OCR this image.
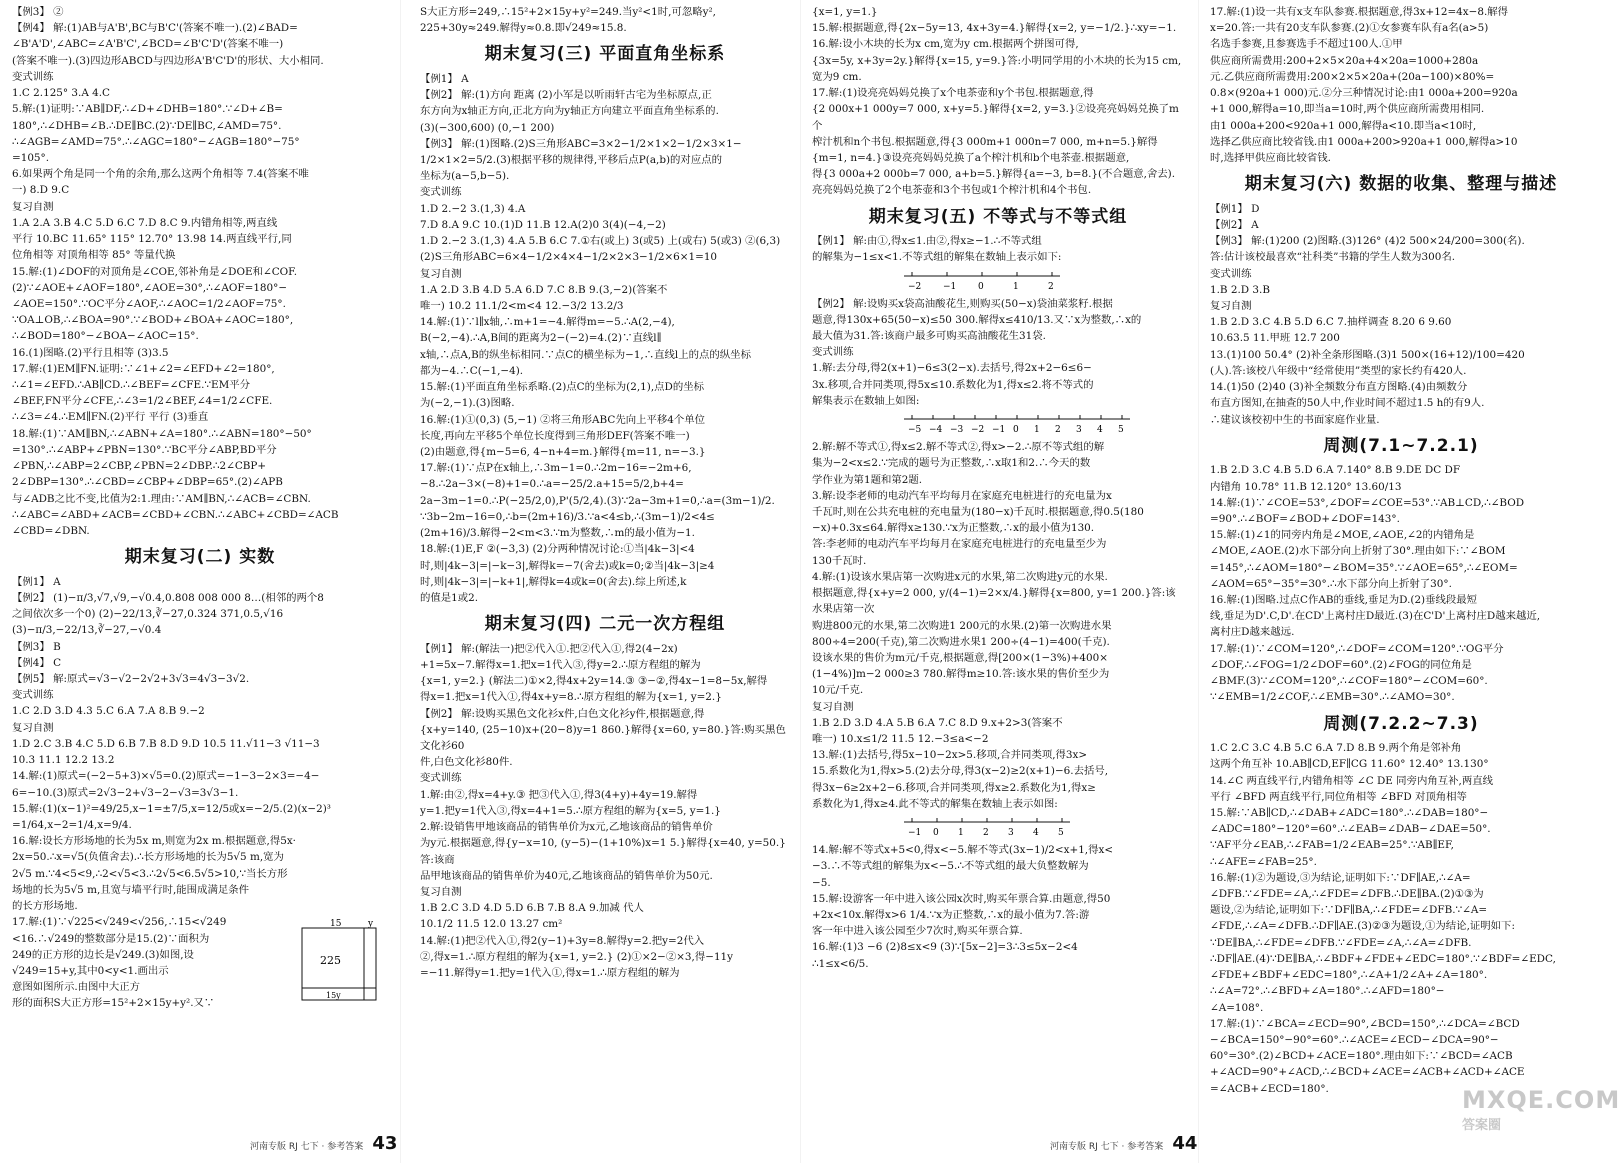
【例3】 ②
【例4】 解:(1)AB与A'B',BC与B'C'(答案不唯一).(2)∠BAD=
∠B'A'D',∠ABC=∠A'B'C',∠BCD=∠B'C'D'(答案不唯一)
(答案不唯一).(3)四边形ABCD与四边形A'B'C'D'的形状、大小相同.
变式训练
1.C 2.125° 3.A 4.C
5.解:(1)证明:∵AB∥DF,∴∠D+∠DHB=180°.∵∠D+∠B=
180°,∴∠DHB=∠B.∴DE∥BC.(2)∵DE∥BC,∠AMD=75°.
∴∠AGB=∠AMD=75°.∴∠AGC=180°−∠AGB=180°−75°
=105°.
6.如果两个角是同一个角的余角,那么这两个角相等 7.4(答案不唯
一) 8.D 9.C
复习自测
1.A 2.A 3.B 4.C 5.D 6.C 7.D 8.C 9.内错角相等,两直线
平行 10.BC 11.65° 115° 12.70° 13.98 14.两直线平行,同
位角相等 对顶角相等 85° 等量代换
15.解:(1)∠DOF的对顶角是∠COE,邻补角是∠DOE和∠COF.
(2)∵∠AOE+∠AOF=180°,∠AOE=30°,∴∠AOF=180°−
∠AOE=150°.∵OC平分∠AOF,∴∠AOC=1/2∠AOF=75°.
∵OA⊥OB,∴∠BOA=90°.∵∠BOD+∠BOA+∠AOC=180°,
∴∠BOD=180°−∠BOA−∠AOC=15°.
16.(1)图略.(2)平行且相等 (3)3.5
17.解:(1)EM∥FN.证明:∵∠1+∠2=∠EFD+∠2=180°,
∴∠1=∠EFD.∴AB∥CD.∴∠BEF=∠CFE.∵EM平分
∠BEF,FN平分∠CFE,∴∠3=1/2∠BEF,∠4=1/2∠CFE.
∴∠3=∠4.∴EM∥FN.(2)平行 平行 (3)垂直
18.解:(1)∵AM∥BN,∴∠ABN+∠A=180°.∴∠ABN=180°−50°
=130°.∴∠ABP+∠PBN=130°.∵BC平分∠ABP,BD平分
∠PBN,∴∠ABP=2∠CBP,∠PBN=2∠DBP.∴2∠CBP+
2∠DBP=130°.∴∠CBD=∠CBP+∠DBP=65°.(2)∠APB
与∠ADB之比不变,比值为2:1.理由:∵AM∥BN,∴∠ACB=∠CBN.
∴∠ABC=∠ABD+∠ACB=∠CBD+∠CBN.∴∠ABC+∠CBD=∠ACB
∠CBD=∠DBN.
期末复习(二) 实数
【例1】 A
【例2】 (1)−π/3,√7,√9,−√0.4,0.808 008 000 8…(相邻的两个8
之间依次多一个0) (2)−22/13,∛−27,0.324 371,0.5,√16
(3)−π/3,−22/13,∛−27,−√0.4
【例3】 B
【例4】 C
【例5】 解:原式=√3−√2−2√2+3√3=4√3−3√2.
变式训练
1.C 2.D 3.D 4.3 5.C 6.A 7.A 8.B 9.−2
复习自测
1.D 2.C 3.B 4.C 5.D 6.B 7.B 8.D 9.D 10.5 11.√11−3 √11−3
10.3 11.1 12.2 13.2
14.解:(1)原式=(−2−5+3)×√5=0.(2)原式=−1−3−2×3=−4−
6=−10.(3)原式=2√3−2+√3−2−√3=3√3−1.
15.解:(1)(x−1)²=49/25,x−1=±7/5,x=12/5或x=−2/5.(2)(x−2)³
=1/64,x−2=1/4,x=9/4.
16.解:设长方形场地的长为5x m,则宽为2x m.根据题意,得5x·
2x=50.∴x=√5(负值舍去).∴长方形场地的长为5√5 m,宽为
2√5 m.∵4<5<9,∴2<√5<3.∴2√5<6.5√5>10,∵当长方形
场地的长为5√5 m,且宽与墙平行时,能围成满足条件
的长方形场地.
15
225
y
15y
17.解:(1)∵√225<√249<√256,∴15<√249
<16.∴√249的整数部分是15.(2)∵面积为
249的正方形的边长是√249.(3)如图,设
√249=15+y,其中0<y<1.画出示
意图如图所示.由图中大正方
形的面积S大正方形=15²+2×15y+y².又∵
S大正方形=249,∴15²+2×15y+y²=249.当y²<1时,可忽略y²,
225+30y≈249.解得y≈0.8.即√249≈15.8.
期末复习(三) 平面直角坐标系
【例1】 A
【例2】 解:(1)方向 距离 (2)小军是以听雨轩古宅为坐标原点,正
东方向为x轴正方向,正北方向为y轴正方向建立平面直角坐标系的.
(3)(−300,600) (0,−1 200)
【例3】 解:(1)图略.(2)S三角形ABC=3×2−1/2×1×2−1/2×3×1−
1/2×1×2=5/2.(3)根据平移的规律得,平移后点P(a,b)的对应点的
坐标为(a−5,b−5).
变式训练
1.D 2.−2 3.(1,3) 4.A
7.D 8.A 9.C 10.(1)D 11.B 12.A(2)0 3(4)(−4,−2)
1.D 2.−2 3.(1,3) 4.A 5.B 6.C 7.①右(或上) 3(或5) 上(或右) 5(或3) ②(6,3)
(2)S三角形ABC=6×4−1/2×4×4−1/2×2×3−1/2×6×1=10
复习自测
1.A 2.D 3.B 4.D 5.A 6.D 7.C 8.B 9.(3,−2)(答案不
唯一) 10.2 11.1/2<m<4 12.−3/2 13.2/3
14.解:(1)∵l∥x轴,∴m+1=−4.解得m=−5.∴A(2,−4),
B(−2,−4).∴A,B间的距离为2−(−2)=4.(2)∵直线l∥
x轴,∴点A,B的纵坐标相同.∵点C的横坐标为−1,∴直线l上的点的纵坐标
都为−4.∴C(−1,−4).
15.解:(1)平面直角坐标系略.(2)点C的坐标为(2,1),点D的坐标
为(−2,−1).(3)图略.
16.解:(1)①(0,3) (5,−1) ②将三角形ABC先向上平移4个单位
长度,再向左平移5个单位长度得到三角形DEF(答案不唯一)
(2)由题意,得{m−5=6, 4−n+4=m.}解得{m=11, n=−3.}
17.解:(1)∵点P在x轴上,∴3m−1=0.∴2m−16=−2m+6,
−8.∴2a−3×(−8)+1=0.∴a=−25/2.a+15=5/2,b+4=
2a−3m−1=0.∴P(−25/2,0),P'(5/2,4).(3)∵2a−3m+1=0,∴a=(3m−1)/2.
∵3b−2m−16=0,∴b=(2m+16)/3.∵a<4≤b,∴(3m−1)/2<4≤
(2m+16)/3.解得−2<m<3.∵m为整数,∴m的最小值为−1.
18.解:(1)E,F ②(−3,3) (2)分两种情况讨论:①当|4k−3|<4
时,则|4k−3|=|−k−3|,解得k=−7(舍去)或k=0;②当|4k−3|≥4
时,则|4k−3|=|−k+1|,解得k=4或k=0(舍去).综上所述,k
的值是1或2.
期末复习(四) 二元一次方程组
【例1】 解:(解法一)把②代入①.把②代入①,得2(4−2x)
+1=5x−7.解得x=1.把x=1代入③,得y=2.∴原方程组的解为
{x=1, y=2.} (解法二)①×2,得4x+2y=14.③ ③−②,得4x−1=8−5x,解得
得x=1.把x=1代入①,得4x+y=8.∴原方程组的解为{x=1, y=2.}
【例2】 解:设购买黑色文化衫x件,白色文化衫y件,根据题意,得
{x+y=140, (25−10)x+(20−8)y=1 860.}解得{x=60, y=80.}答:购买黑色文化衫60
件,白色文化衫80件.
变式训练
1.解:由②,得x=4+y.③ 把③代入①,得3(4+y)+4y=19.解得
y=1.把y=1代入③,得x=4+1=5.∴原方程组的解为{x=5, y=1.}
2.解:设销售甲地该商品的销售单价为x元,乙地该商品的销售单价
为y元.根据题意,得{y−x=10, (y−5)−(1+10%)x=1 5.}解得{x=40, y=50.}答:该商
品甲地该商品的销售单价为40元,乙地该商品的销售单价为50元.
复习自测
1.B 2.C 3.D 4.D 5.D 6.B 7.B 8.A 9.加减 代人
10.1/2 11.5 12.0 13.27 cm²
14.解:(1)把②代入①,得2(y−1)+3y=8.解得y=2.把y=2代入
②,得x=1.∴原方程组的解为{x=1, y=2.} (2)①×2−②×3,得−11y
=−11.解得y=1.把y=1代入①,得x=1.∴原方程组的解为
{x=1, y=1.}
15.解:根据题意,得{2x−5y=13, 4x+3y=4.}解得{x=2, y=−1/2.}∴xy=−1.
16.解:设小木块的长为x cm,宽为y cm.根据两个拼图可得,
{3x=5y, x+3y=2y.}解得{x=15, y=9.}答:小明同学用的小木块的长为15 cm,
宽为9 cm.
17.解:(1)设亮亮妈妈兑换了x个电茶壶和y个书包.根据题意,得
{2 000x+1 000y=7 000, x+y=5.}解得{x=2, y=3.}②设亮亮妈妈兑换了m个
榨汁机和n个书包.根据题意,得{3 000m+1 000n=7 000, m+n=5.}解得
{m=1, n=4.}③设亮亮妈妈兑换了a个榨汁机和b个电茶壶.根据题意,
得{3 000a+2 000b=7 000, a+b=5.}解得{a=−3, b=8.}(不合题意,舍去).
亮亮妈妈兑换了2个电茶壶和3个书包或1个榨汁机和4个书包.
期末复习(五) 不等式与不等式组
【例1】 解:由①,得x≤1.由②,得x≥−1.∴不等式组
的解集为−1≤x<1.不等式组的解集在数轴上表示如下:
−2 −1 0	1	2
【例2】 解:设购买x袋高油酸花生,则购买(50−x)袋油菜浆籽.根据
题意,得130x+65(50−x)≤50 300.解得x≤410/13.又∵x为整数,∴x的
最大值为31.答:该商户最多可购买高油酸花生31袋.
变式训练
1.解:去分母,得2(x+1)−6≤3(2−x).去括号,得2x+2−6≤6−
3x.移项,合并同类项,得5x≤10.系数化为1,得x≤2.将不等式的
解集表示在数轴上如图:
−5 −4 −3 −2 −1 0 1 2 3 4 5
2.解:解不等式①,得x≤2.解不等式②,得x>−2.∴原不等式组的解
集为−2<x≤2.∵完成的题号为正整数,∴x取1和2.∴今天的数
学作业为第1题和第2题.
3.解:设李老师的电动汽车平均每月在家庭充电桩进行的充电量为x
千瓦时,则在公共充电桩的充电量为(180−x)千瓦时.根据题意,得0.5(180
−x)+0.3x≤64.解得x≥130.∵x为正整数,∴x的最小值为130.
答:李老师的电动汽车平均每月在家庭充电桩进行的充电量至少为
130千瓦时.
4.解:(1)设该水果店第一次购进x元的水果,第二次购进y元的水果.
根据题意,得{x+y=2 000, y/(4−1)=2×x/4.}解得{x=800, y=1 200.}答:该水果店第一次
购进800元的水果,第二次购进1 200元的水果.(2)第一次购进水果
800÷4=200(千克),第二次购进水果1 200÷(4−1)=400(千克).
设该水果的售价为m元/千克,根据题意,得[200×(1−3%)+400×
(1−4%)]m−2 000≥3 780.解得m≥10.答:该水果的售价至少为
10元/千克.
复习自测
1.B 2.D 3.D 4.A 5.B 6.A 7.C 8.D 9.x+2>3(答案不
唯一) 10.x≤1/2 11.5 12.−3≤a<−2
13.解:(1)去括号,得5x−10−2x>5.移项,合并同类项,得3x>
15.系数化为1,得x>5.(2)去分母,得3(x−2)≥2(x+1)−6.去括号,
得3x−6≥2x+2−6.移项,合并同类项,得x≥2.系数化为1,得x≥
系数化为1,得x≥4.此不等式的解集在数轴上表示如图:
−1 0 1 2 3 4 5
14.解:解不等式x+5<0,得x<−5.解不等式(3x−1)/2<x+1,得x<
−3.∴不等式组的解集为x<−5.∴不等式组的最大负整数解为
−5.
15.解:设游客一年中进入该公园x次时,购买年票合算.由题意,得50
+2x<10x.解得x>6 1/4.∵x为正整数,∴x的最小值为7.答:游
客一年中进入该公园至少7次时,购买年票合算.
16.解:(1)3 −6 (2)8≤x<9 (3)∵[5x−2]=3∴3≤5x−2<4
∴1≤x<6/5.
17.解:(1)设一共有x支车队参赛.根据题意,得3x+12=4x−8.解得
x=20.答:一共有20支车队参赛.(2)①女参赛车队有a名(a>5)
名选手参赛,且参赛选手不超过100人.①甲
供应商所需费用:200+2×5×20a+4×20a=1000+280a
元.乙供应商所需费用:200×2×5×20a+(20a−100)×80%=
0.8×(920a+1 000)元.②分三种情况讨论:由1 000a+200=920a
+1 000,解得a=10,即当a=10时,两个供应商所需费用相同.
由1 000a+200<920a+1 000,解得a<10.即当a<10时,
选择乙供应商比较省钱.由1 000a+200>920a+1 000,解得a>10
时,选择甲供应商比较省钱.
期末复习(六) 数据的收集、整理与描述
【例1】 D
【例2】 A
【例3】 解:(1)200 (2)图略.(3)126° (4)2 500×24/200=300(名).
答:估计该校最喜欢“社科类”书籍的学生人数为300名.
变式训练
1.B 2.D 3.B
复习自测
1.B 2.D 3.C 4.B 5.D 6.C 7.抽样调查 8.20 6 9.60
10.63.5 11.甲班 12.7 200
13.(1)100 50.4° (2)补全条形图略.(3)1 500×(16+12)/100=420
(人).答:该校八年级中“经常使用”类型的家长约有420人.
14.(1)50 (2)40 (3)补全频数分布直方图略.(4)由频数分
布直方图知,在抽查的50人中,作业时间不超过1.5 h的有9人.
∴建议该校初中生的书面家庭作业量.
周测(7.1~7.2.1)
1.B 2.D 3.C 4.B 5.D 6.A 7.140° 8.B 9.DE DC DF
内错角 10.78° 11.B 12.120° 13.60/13
14.解:(1)∵∠COE=53°,∠DOF=∠COE=53°.∵AB⊥CD,∴∠BOD
=90°.∴∠BOF=∠BOD+∠DOF=143°.
15.解:(1)∠1的同旁内角是∠MOE,∠AOE,∠2的内错角是
∠MOE,∠AOE.(2)水下部分向上折射了30°.理由如下:∵∠BOM
=145°,∴∠AOM=180°−∠BOM=35°.∵∠AOE=65°,∴∠EOM=
∠AOM=65°−35°=30°.∴水下部分向上折射了30°.
16.解:(1)图略.过点C作AB的垂线,垂足为D.(2)垂线段最短
线,垂足为D'.C,D'.在CD'上离村庄D最近.(3)在C'D'上离村庄D越来越近,
离村庄D越来越远.
17.解:(1)∵∠COM=120°,∴∠DOF=∠COM=120°.∵OG平分
∠DOF,∴∠FOG=1/2∠DOF=60°.(2)∠FOG的同位角是
∠BMF.(3)∵∠COM=120°,∴∠COF=180°−∠COM=60°.
∵∠EMB=1/2∠COF,∴∠EMB=30°.∴∠AMO=30°.
周测(7.2.2~7.3)
1.C 2.C 3.C 4.B 5.C 6.A 7.D 8.B 9.两个角是邻补角
这两个角互补 10.AB∥CD,EF∥CG 11.60° 12.40° 13.130°
14.∠C 两直线平行,内错角相等 ∠C DE 同旁内角互补,两直线
平行 ∠BFD 两直线平行,同位角相等 ∠BFD 对顶角相等
15.解:∵AB∥CD,∴∠DAB+∠ADC=180°.∴∠DAB=180°−
∠ADC=180°−120°=60°.∴∠EAB=∠DAB−∠DAE=50°.
∵AF平分∠EAB,∴∠FAB=1/2∠EAB=25°.∵AB∥EF,
∴∠AFE=∠FAB=25°.
16.解:(1)②为题设,③为结论,证明如下:∵DF∥AE,∴∠A=
∠DFB.∵∠FDE=∠A,∴∠FDE=∠DFB.∴DE∥BA.(2)①③为
题设,②为结论,证明如下:∵DF∥BA,∴∠FDE=∠DFB.∵∠A=
∠FDE,∴∠A=∠DFB.∴DF∥AE.(3)②③为题设,①为结论,证明如下:
∵DE∥BA,∴∠FDE=∠DFB.∵∠FDE=∠A,∴∠A=∠DFB.
∴DF∥AE.(4)∵DE∥BA,∴∠BDF+∠FDE+∠EDC=180°.∵∠BDF=∠EDC,
∠FDE+∠BDF+∠EDC=180°,∴∠A+1/2∠A+∠A=180°.
∴∠A=72°.∴∠BFD+∠A=180°.∴∠AFD=180°−
∠A=108°.
17.解:(1)∵∠BCA=∠ECD=90°,∠BCD=150°,∴∠DCA=∠BCD
−∠BCA=150°−90°=60°.∴∠ACE=∠ECD−∠DCA=90°−
60°=30°.(2)∠BCD+∠ACE=180°.理由如下:∵∠BCD=∠ACB
+∠ACD=90°+∠ACD,∴∠BCD+∠ACE=∠ACB+∠ACD+∠ACE
=∠ACB+∠ECD=180°.
河南专版 RJ 七下 · 参考答案 43	河南专版 RJ 七下 · 参考答案 44
MXQE.COM
答案圈
